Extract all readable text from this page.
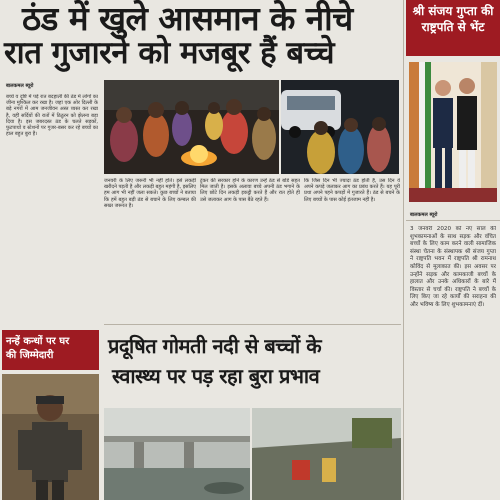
ठंड में खुले आसमान के नीचे
रात गुजारने को मजबूर हैं बच्चे
बालकमल ब्यूरो
बच्चे व दृष्टि में पड़े रात बदहाली की ठंड में लोगों का जीना मुश्किल कर रखा है। जहां एक ओर दिल्ली के बड़े नगरों में आम जनजीवन अस्त व्यस्त कर रखा है, वहीं सर्दियों की रातों में ठिठुरन को झेलना बड़ा दिया है। इस जबरदस्त ठंड के चलते सड़कों, फुटपाथों व स्टेशनों पर गुजर-बसर कर रहे बच्चों का हाल बहुत बुरा है।
जनवरी के लिए जरूरी भी नहीं होते। इसे लकड़ी खरीदने पड़ती है और लकड़ी बहुत महंगी है, इसलिए हम आग भी नहीं जला सकते। कुछ बच्चों ने बताया कि हमें बहुत बड़ी ठंड से बचाने के लिए कम्बल की सख्त जरूरत है।
ट्रंकर की सरकार होने के कारण उन्हें ठंड से बोर्ड सहत मिल जाती है। इसके अलावा बच्चे अपनी ठंड भगाने के लिए छोटे दिन लकड़ी इकट्ठी करते हैं और रात होते ही उसे जलाकर आग के पास बैठे रहते हैं।
कि जिस दिन भी ज्यादा ठंड होती है, उस दिन वे अपने कपड़े जलाकर आग का प्रबंध करते हैं। यह पूरी प्रथा अपने पहने कपड़ों में गुजारते हैं। ठंड से बचने के लिए बच्चों के पास कोई इंतजाम नहीं है।
श्री संजय गुप्ता की राष्ट्रपति से भेंट
बालकमल ब्यूरो
3 जनवरी 2020 को नए साल की शुभकामनाओं के साथ सड़क और वंचित बच्चों के लिए काम करने वाली सामाजिक संस्था चेतना के संस्थापक श्री संजय गुप्ता ने राष्ट्रपति भवन में राष्ट्रपति श्री रामनाथ कोविंद से मुलाकात की। इस अवसर पर उन्होंने सड़क और कामकाजी बच्चों के हालात और उनके अधिकारों के बारे में विस्तार से चर्चा की। राष्ट्रपति ने बच्चों के लिए किए जा रहे कार्यों की सराहना की और भविष्य के लिए शुभकामनाएं दीं।
नन्हें कन्धों पर घर
की जिम्मेदारी	प्रदूषित गोमती नदी से बच्चों के
स्वास्थ्य पर पड़ रहा बुरा प्रभाव
